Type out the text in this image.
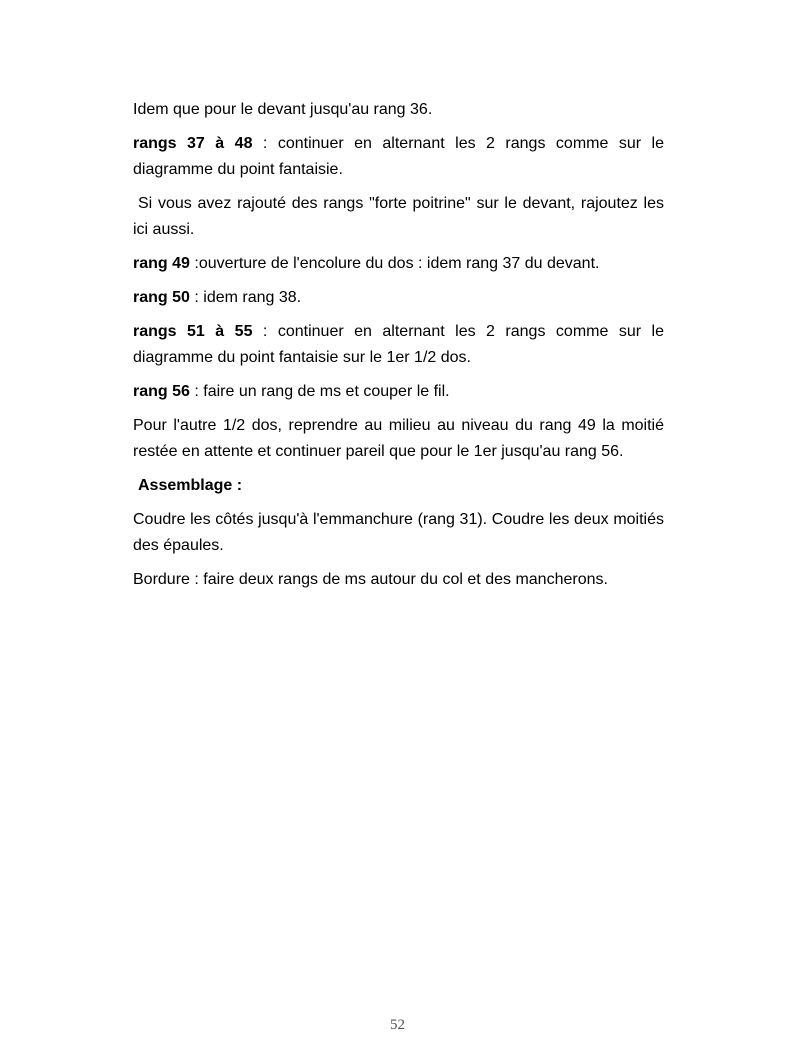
Idem que pour le devant jusqu'au rang 36.

rangs 37 à 48 : continuer en alternant les 2 rangs comme sur le diagramme du point fantaisie.

Si vous avez rajouté des rangs "forte poitrine" sur le devant, rajoutez les ici aussi.

rang 49 :ouverture de l'encolure du dos : idem rang 37 du devant.

rang 50 : idem rang 38.

rangs 51 à 55 : continuer en alternant les 2 rangs comme sur le diagramme du point fantaisie sur le 1er 1/2 dos.

rang 56 : faire un rang de ms et couper le fil.

Pour l'autre 1/2 dos, reprendre au milieu au niveau du rang 49 la moitié restée en attente et continuer pareil que pour le 1er jusqu'au rang 56.

Assemblage :

Coudre les côtés jusqu'à l'emmanchure (rang 31). Coudre les deux moitiés des épaules.

Bordure : faire deux rangs de ms autour du col et des mancherons.

52
